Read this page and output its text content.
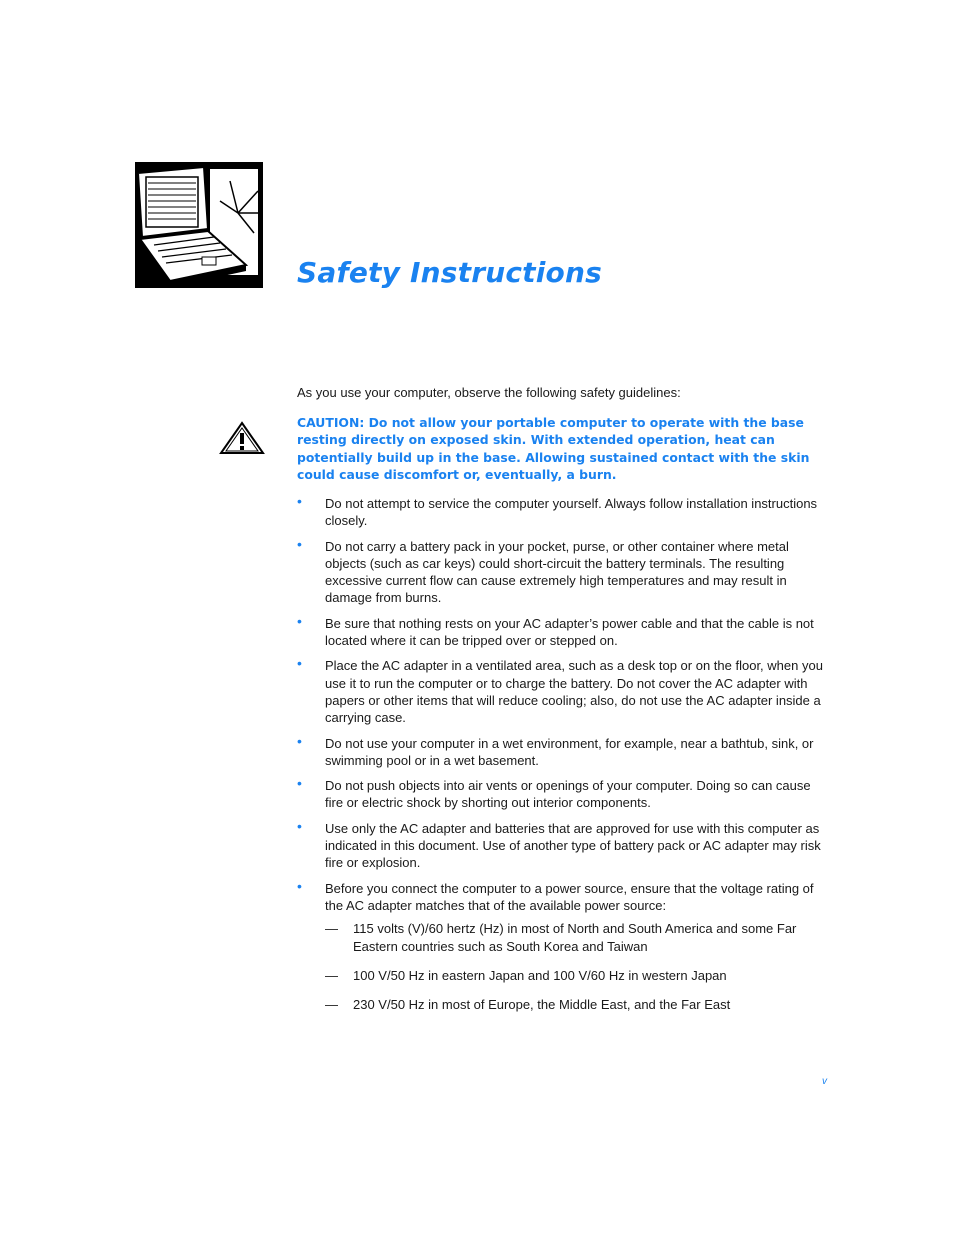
Safety Instructions

As you use your computer, observe the following safety guidelines:

CAUTION: Do not allow your portable computer to operate with the base resting directly on exposed skin. With extended operation, heat can potentially build up in the base. Allowing sustained contact with the skin could cause discomfort or, eventually, a burn.

• Do not attempt to service the computer yourself. Always follow installation instructions closely.
• Do not carry a battery pack in your pocket, purse, or other container where metal objects (such as car keys) could short-circuit the battery terminals. The resulting excessive current flow can cause extremely high temperatures and may result in damage from burns.
• Be sure that nothing rests on your AC adapter’s power cable and that the cable is not located where it can be tripped over or stepped on.
• Place the AC adapter in a ventilated area, such as a desk top or on the floor, when you use it to run the computer or to charge the battery. Do not cover the AC adapter with papers or other items that will reduce cooling; also, do not use the AC adapter inside a carrying case.
• Do not use your computer in a wet environment, for example, near a bathtub, sink, or swimming pool or in a wet basement.
• Do not push objects into air vents or openings of your computer. Doing so can cause fire or electric shock by shorting out interior components.
• Use only the AC adapter and batteries that are approved for use with this computer as indicated in this document. Use of another type of battery pack or AC adapter may risk fire or explosion.
• Before you connect the computer to a power source, ensure that the voltage rating of the AC adapter matches that of the available power source:
— 115 volts (V)/60 hertz (Hz) in most of North and South America and some Far Eastern countries such as South Korea and Taiwan
— 100 V/50 Hz in eastern Japan and 100 V/60 Hz in western Japan
— 230 V/50 Hz in most of Europe, the Middle East, and the Far East

v
